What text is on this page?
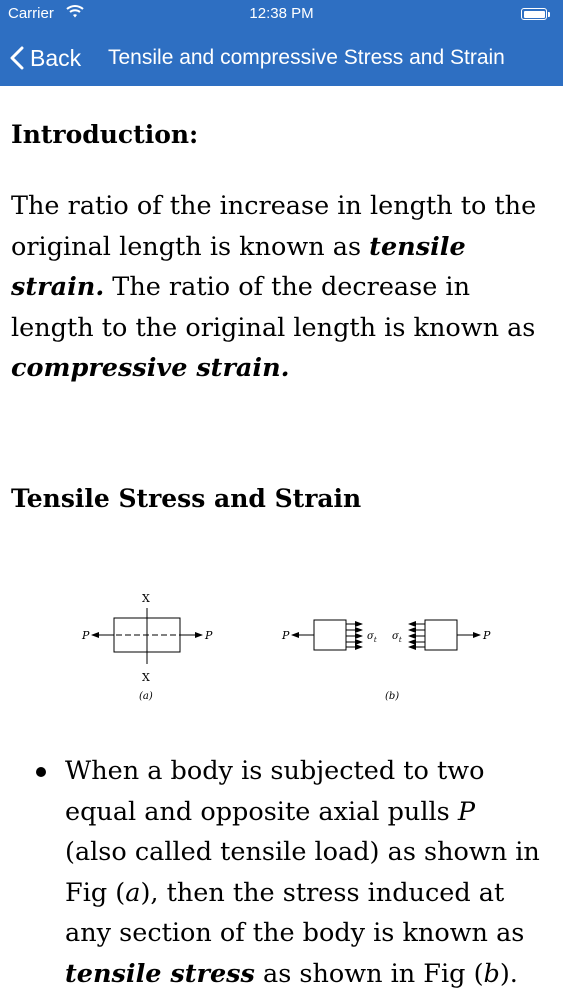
Carrier	12:38 PM
Back Tensile and compressive Stress and Strain
Introduction:

The ratio of the increase in length to the original length is known as tensile strain. The ratio of the decrease in length to the original length is known as compressive strain.

Tensile Stress and Strain
X
P	P
X
(a)
P	$\sigma_t$ $\sigma_t$	P
(b)
When a body is subjected to two equal and opposite axial pulls P (also called tensile load) as shown in Fig (a), then the stress induced at any section of the body is known as tensile stress as shown in Fig (b).
